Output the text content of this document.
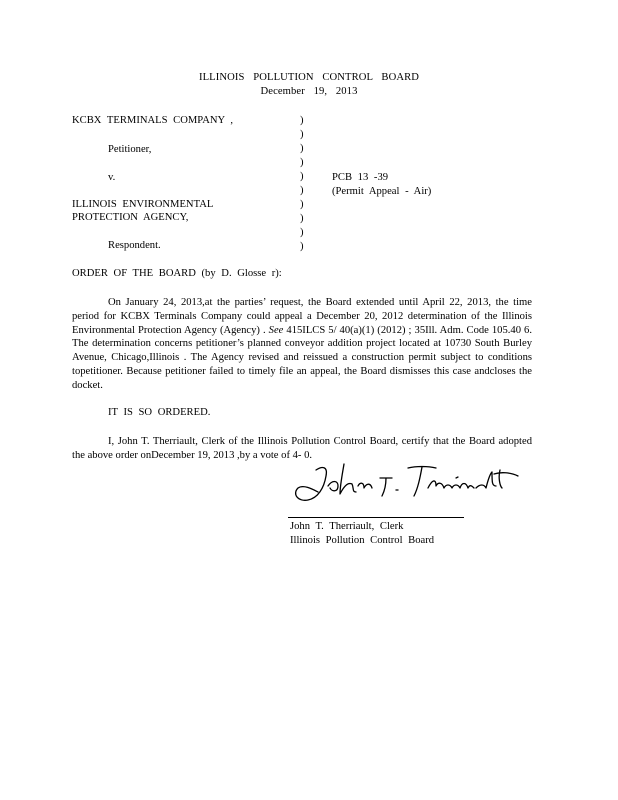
ILLINOIS POLLUTION CONTROL BOARD
December 19, 2013
KCBX TERMINALS COMPANY ,
Petitioner,
v.
ILLINOIS ENVIRONMENTAL
PROTECTION AGENCY,
Respondent.
PCB 13 -39
(Permit Appeal - Air)
)
)
)
)
)
)
)
)
)
)
ORDER OF THE BOARD (by D. Glosse r):
On January 24, 2013,at the parties’ request, the Board extended until April 22, 2013, the time period for KCBX Terminals Company could appeal a December 20, 2012 determination of the Illinois Environmental Protection Agency (Agency) . See 415ILCS 5/ 40(a)(1) (2012) ; 35Ill. Adm. Code 105.40 6. The determination concerns petitioner’s planned conveyor addition project located at 10730 South Burley Avenue, Chicago,Illinois . The Agency revised and reissued a construction permit subject to conditions topetitioner. Because petitioner failed to timely file an appeal, the Board dismisses this case andcloses the docket.
IT IS SO ORDERED.
I, John T. Therriault, Clerk of the Illinois Pollution Control Board, certify that the Board adopted the above order onDecember 19, 2013 ,by a vote of 4- 0.
John T. Therriault, Clerk
Illinois Pollution Control Board
